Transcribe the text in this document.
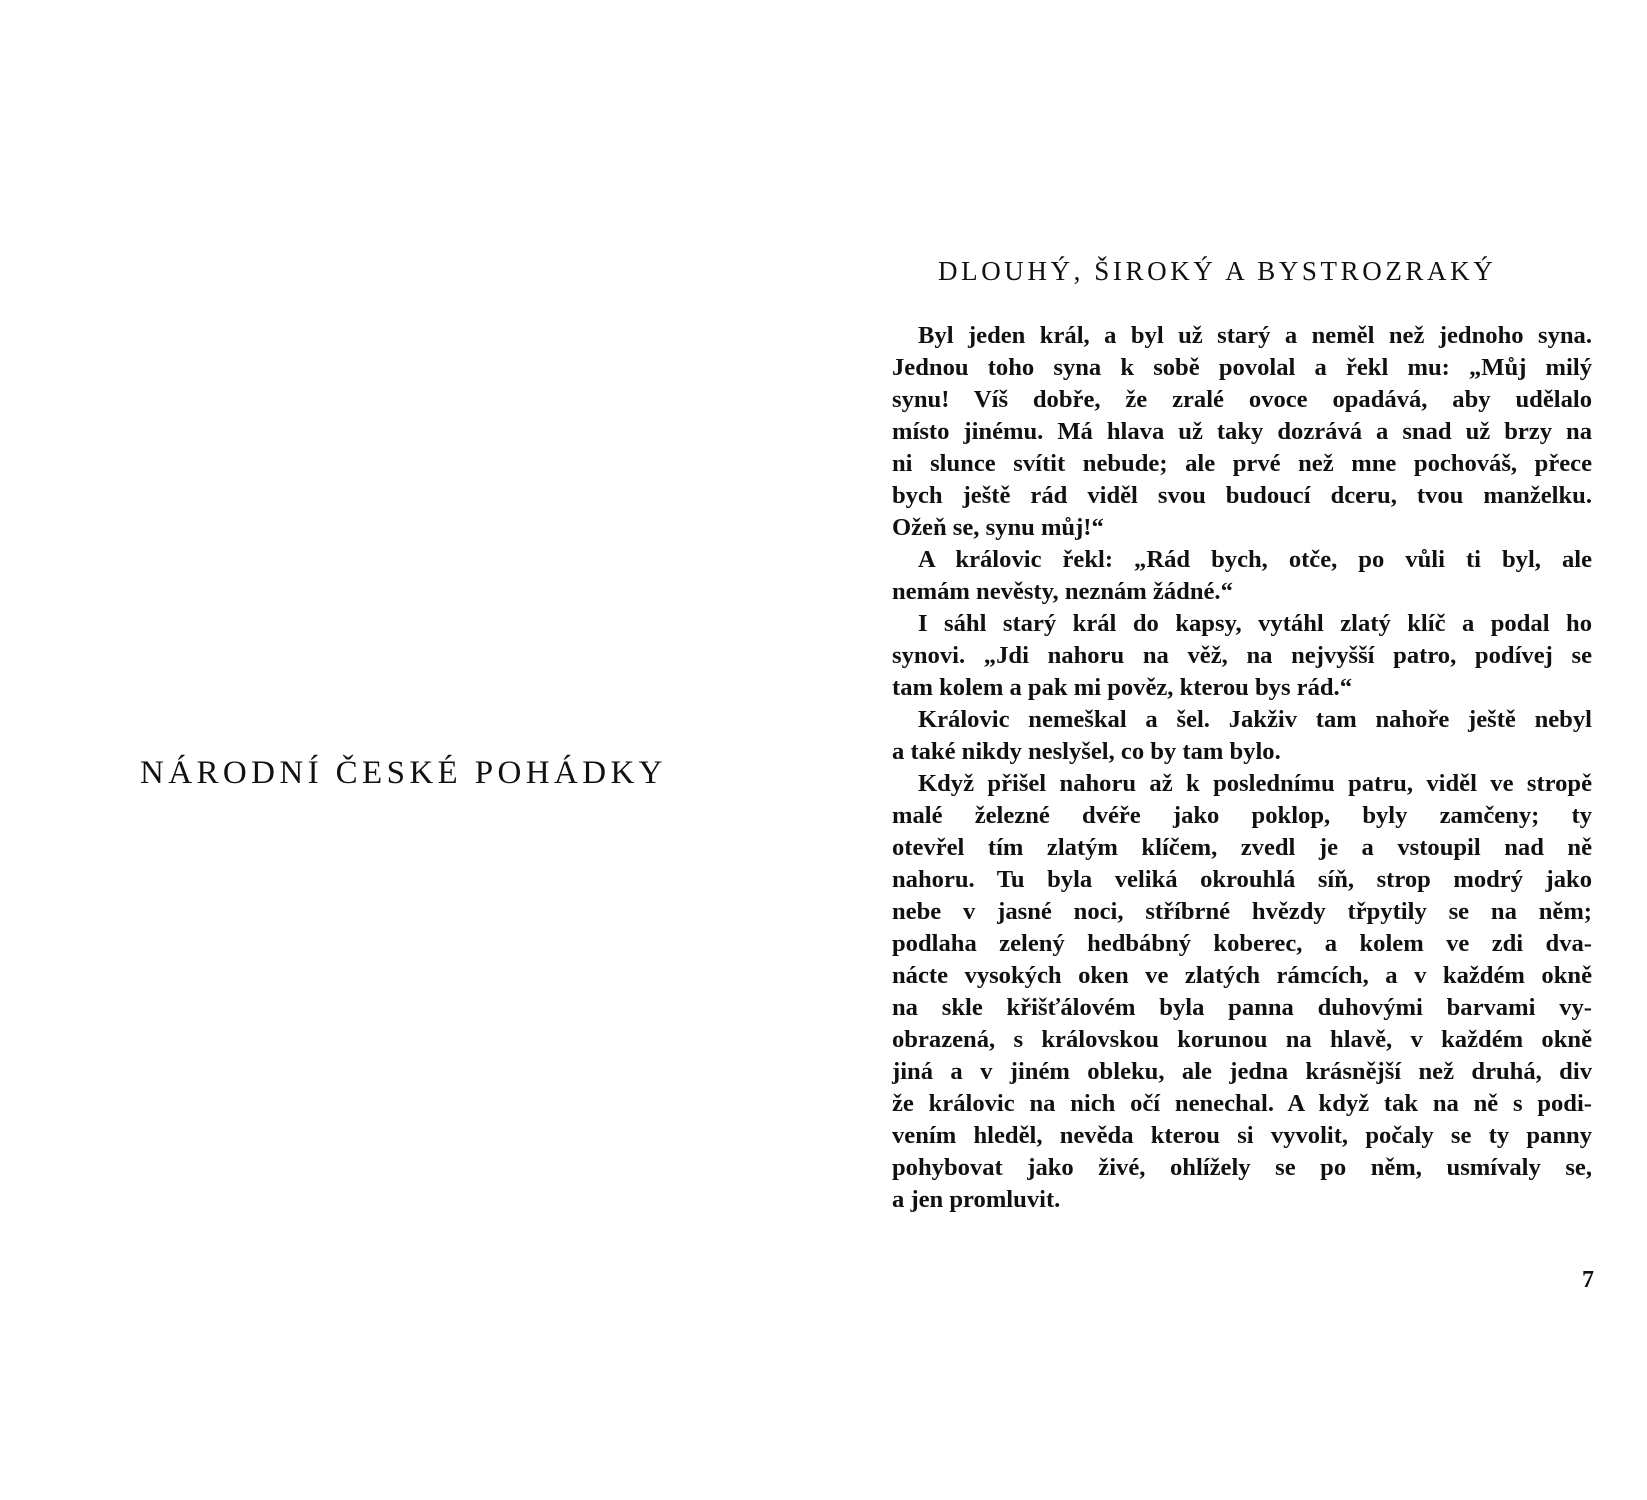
NÁRODNÍ ČESKÉ POHÁDKY
DLOUHÝ, ŠIROKÝ A BYSTROZRAKÝ
Byl jeden král, a byl už starý a neměl než jednoho syna.
Jednou toho syna k sobě povolal a řekl mu: „Můj milý
synu! Víš dobře, že zralé ovoce opadává, aby udělalo
místo jinému. Má hlava už taky dozrává a snad už brzy na
ni slunce svítit nebude; ale prvé než mne pochováš, přece
bych ještě rád viděl svou budoucí dceru, tvou manželku.
Ožeň se, synu můj!“
A královic řekl: „Rád bych, otče, po vůli ti byl, ale
nemám nevěsty, neznám žádné.“
I sáhl starý král do kapsy, vytáhl zlatý klíč a podal ho
synovi. „Jdi nahoru na věž, na nejvyšší patro, podívej se
tam kolem a pak mi pověz, kterou bys rád.“
Královic nemeškal a šel. Jakživ tam nahoře ještě nebyl
a také nikdy neslyšel, co by tam bylo.
Když přišel nahoru až k poslednímu patru, viděl ve stropě
malé železné dvéře jako poklop, byly zamčeny; ty
otevřel tím zlatým klíčem, zvedl je a vstoupil nad ně
nahoru. Tu byla veliká okrouhlá síň, strop modrý jako
nebe v jasné noci, stříbrné hvězdy třpytily se na něm;
podlaha zelený hedbábný koberec, a kolem ve zdi dva-
nácte vysokých oken ve zlatých rámcích, a v každém okně
na skle křišťálovém byla panna duhovými barvami vy-
obrazená, s královskou korunou na hlavě, v každém okně
jiná a v jiném obleku, ale jedna krásnější než druhá, div
že královic na nich očí nenechal. A když tak na ně s podi-
vením hleděl, nevěda kterou si vyvolit, počaly se ty panny
pohybovat jako živé, ohlížely se po něm, usmívaly se,
a jen promluvit.

7
